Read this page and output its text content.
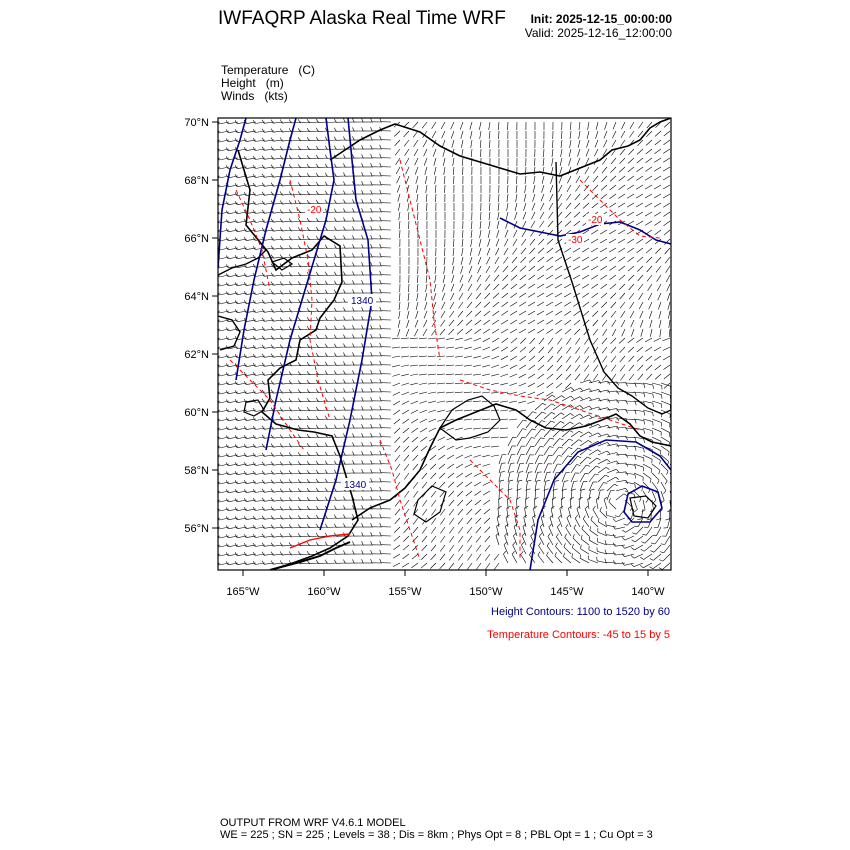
IWFAQRP Alaska Real Time WRF Init: 2025-12-15_00:00:00
Valid: 2025-12-16_12:00:00
Temperature (C)
Height (m)
Winds (kts)
1340
1340
-30
-20
-20
70°N
68°N
66°N
64°N
62°N
60°N
58°N
56°N
165°W	160°W	155°W	150°W	145°W	140°W
Height Contours: 1100 to 1520 by 60
Temperature Contours: -45 to 15 by 5
OUTPUT FROM WRF V4.6.1 MODEL
WE = 225 ; SN = 225 ; Levels = 38 ; Dis = 8km ; Phys Opt = 8 ; PBL Opt = 1 ; Cu Opt = 3
